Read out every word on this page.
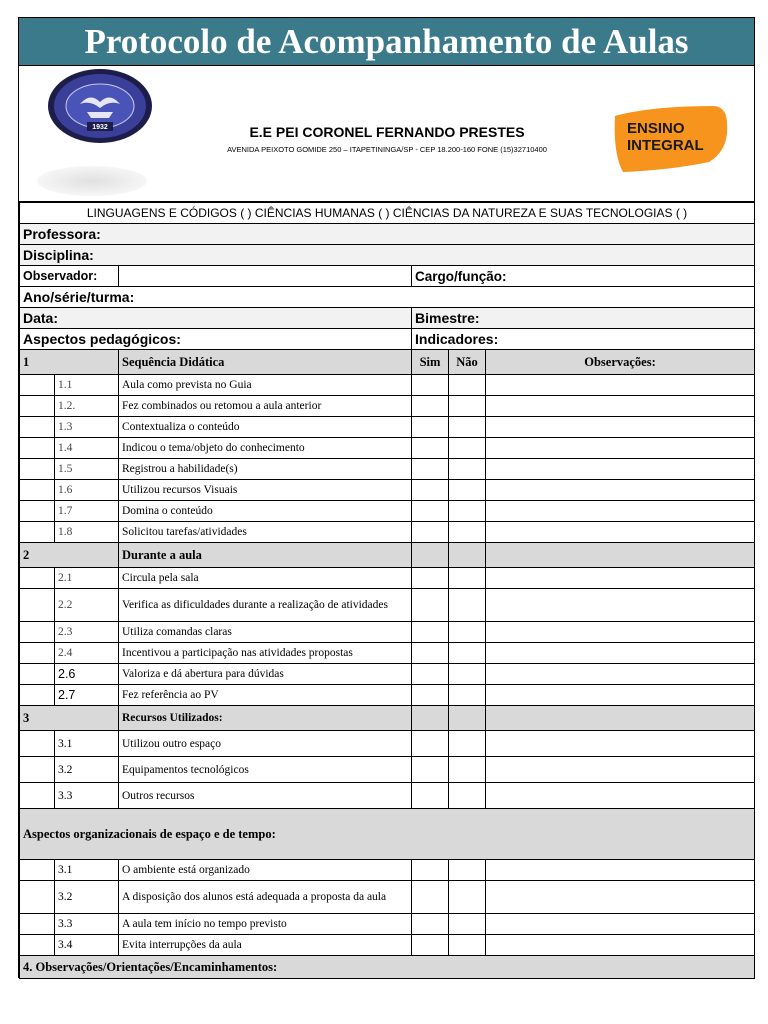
Protocolo de Acompanhamento de Aulas
1932	E.E PEI CORONEL FERNANDO PRESTES
AVENIDA PEIXOTO GOMIDE 250 – ITAPETININGA/SP - CEP 18.200-160 FONE (15)32710400
ENSINO
INTEGRAL
LINGUAGENS E CÓDIGOS ( ) CIÊNCIAS HUMANAS ( ) CIÊNCIAS DA NATUREZA E SUAS TECNOLOGIAS ( )					
Professora:					
Disciplina:					
Observador:			Cargo/função:		
Ano/série/turma:					
Data:			Bimestre:		
Aspectos pedagógicos:			Indicadores:		
1		Sequência Didática	Sim	Não	Observações:
	1.1	Aula como prevista no Guia			
	1.2.	Fez combinados ou retomou a aula anterior			
	1.3	Contextualiza o conteúdo			
	1.4	Indicou o tema/objeto do conhecimento			
	1.5	Registrou a habilidade(s)			
	1.6	Utilizou recursos Visuais			
	1.7	Domina o conteúdo			
	1.8	Solicitou tarefas/atividades			
2		Durante a aula			
	2.1	Circula pela sala			
	2.2	Verifica as dificuldades durante a realização de atividades			
	2.3	Utiliza comandas claras			
	2.4	Incentivou a participação nas atividades propostas			
	2.6	Valoriza e dá abertura para dúvidas			
	2.7	Fez referência ao PV			
3		Recursos Utilizados:			
	3.1	Utilizou outro espaço			
	3.2	Equipamentos tecnológicos			
	3.3	Outros recursos			
Aspectos organizacionais de espaço e de tempo:					
	3.1	O ambiente está organizado			
	3.2	A disposição dos alunos está adequada a proposta da aula			
	3.3	A aula tem início no tempo previsto			
	3.4	Evita interrupções da aula			
4. Observações/Orientações/Encaminhamentos:					
